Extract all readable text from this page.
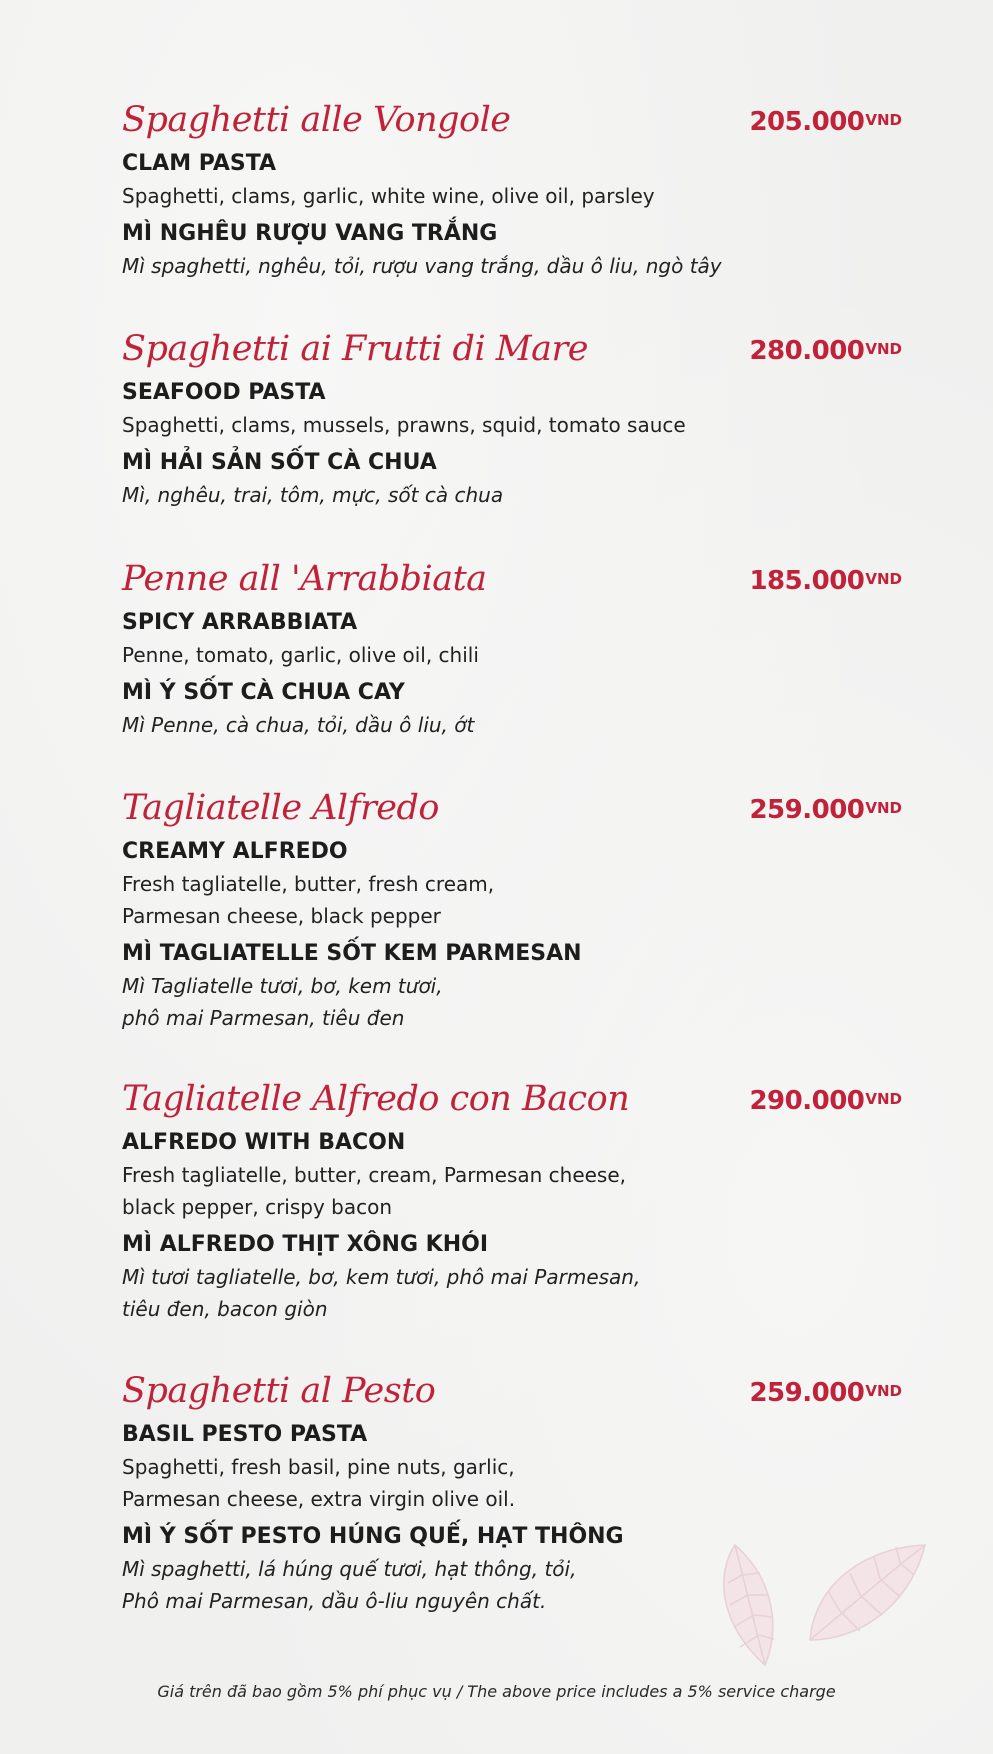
Spaghetti alle Vongole	$205.000^{VND}$
CLAM PASTA
Spaghetti, clams, garlic, white wine, olive oil, parsley
MÌ NGHÊU RƯỢU VANG TRẮNG
Mì spaghetti, nghêu, tỏi, rượu vang trắng, dầu ô liu, ngò tây
Spaghetti ai Frutti di Mare	$280.000^{VND}$
SEAFOOD PASTA
Spaghetti, clams, mussels, prawns, squid, tomato sauce
MÌ HẢI SẢN SỐT CÀ CHUA
Mì, nghêu, trai, tôm, mực, sốt cà chua
Penne all 'Arrabbiata	$185.000^{VND}$
SPICY ARRABBIATA
Penne, tomato, garlic, olive oil, chili
MÌ Ý SỐT CÀ CHUA CAY
Mì Penne, cà chua, tỏi, dầu ô liu, ớt
Tagliatelle Alfredo	$259.000^{VND}$
CREAMY ALFREDO
Fresh tagliatelle, butter, fresh cream,
Parmesan cheese, black pepper
MÌ TAGLIATELLE SỐT KEM PARMESAN
Mì Tagliatelle tươi, bơ, kem tươi,
phô mai Parmesan, tiêu đen
Tagliatelle Alfredo con Bacon	$290.000^{VND}$
ALFREDO WITH BACON
Fresh tagliatelle, butter, cream, Parmesan cheese,
black pepper, crispy bacon
MÌ ALFREDO THỊT XÔNG KHÓI
Mì tươi tagliatelle, bơ, kem tươi, phô mai Parmesan,
tiêu đen, bacon giòn
Spaghetti al Pesto	$259.000^{VND}$
BASIL PESTO PASTA
Spaghetti, fresh basil, pine nuts, garlic,
Parmesan cheese, extra virgin olive oil.
MÌ Ý SỐT PESTO HÚNG QUẾ, HẠT THÔNG
Mì spaghetti, lá húng quế tươi, hạt thông, tỏi,
Phô mai Parmesan, dầu ô-liu nguyên chất.
Giá trên đã bao gồm 5% phí phục vụ / The above price includes a 5% service charge
